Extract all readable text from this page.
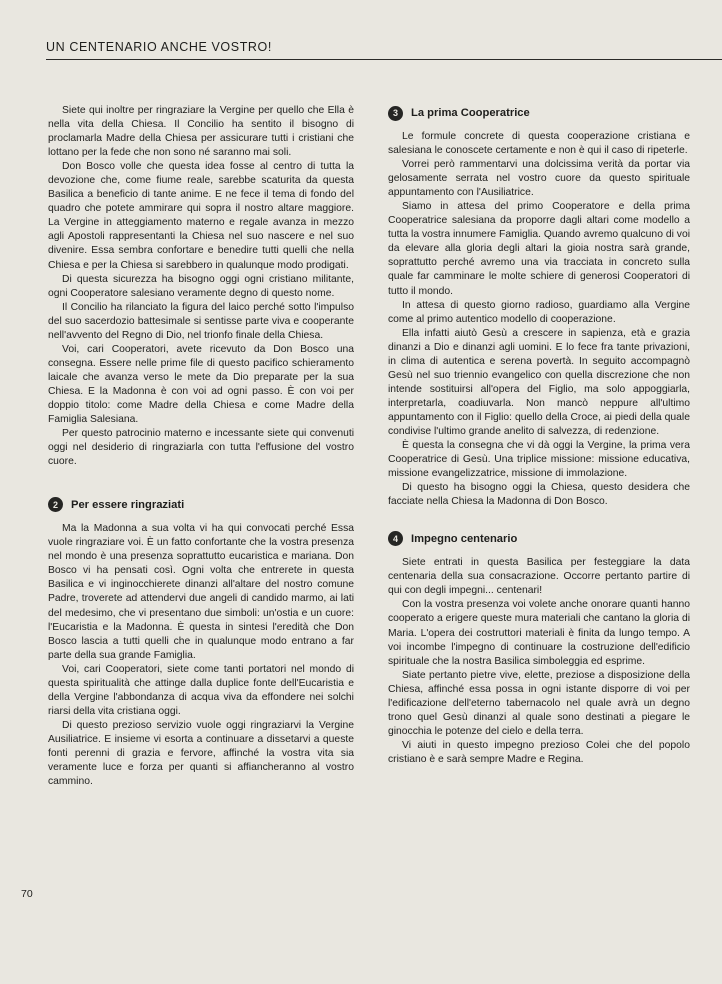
UN CENTENARIO ANCHE VOSTRO!

Siete qui inoltre per ringraziare la Vergine per quello che Ella è nella vita della Chiesa. Il Concilio ha sentito il bisogno di proclamarla Madre della Chiesa per assicurare tutti i cristiani che lottano per la fede che non sono né saranno mai soli.

Don Bosco volle che questa idea fosse al centro di tutta la devozione che, come fiume reale, sarebbe scaturita da questa Basilica a beneficio di tante anime. E ne fece il tema di fondo del quadro che potete ammirare qui sopra il nostro altare maggiore. La Vergine in atteggiamento materno e regale avanza in mezzo agli Apostoli rappresentanti la Chiesa nel suo nascere e nel suo divenire. Essa sembra confortare e benedire tutti quelli che nella Chiesa e per la Chiesa si sarebbero in qualunque modo prodigati.

Di questa sicurezza ha bisogno oggi ogni cristiano militante, ogni Cooperatore salesiano veramente degno di questo nome.

Il Concilio ha rilanciato la figura del laico perché sotto l'impulso del suo sacerdozio battesimale si sentisse parte viva e cooperante nell'avvento del Regno di Dio, nel trionfo finale della Chiesa.

Voi, cari Cooperatori, avete ricevuto da Don Bosco una consegna. Essere nelle prime file di questo pacifico schieramento laicale che avanza verso le mete da Dio preparate per la sua Chiesa. E la Madonna è con voi ad ogni passo. È con voi per doppio titolo: come Madre della Chiesa e come Madre della Famiglia Salesiana.

Per questo patrocinio materno e incessante siete qui convenuti oggi nel desiderio di ringraziarla con tutta l'effusione del vostro cuore.

2	Per essere ringraziati

Ma la Madonna a sua volta vi ha qui convocati perché Essa vuole ringraziare voi. È un fatto confortante che la vostra presenza nel mondo è una presenza soprattutto eucaristica e mariana. Don Bosco vi ha pensati così. Ogni volta che entrerete in questa Basilica e vi inginocchierete dinanzi all'altare del nostro comune Padre, troverete ad attendervi due angeli di candido marmo, ai lati del medesimo, che vi presentano due simboli: un'ostia e un cuore: l'Eucaristia e la Madonna. È questa in sintesi l'eredità che Don Bosco lascia a tutti quelli che in qualunque modo entrano a far parte della sua grande Famiglia.

Voi, cari Cooperatori, siete come tanti portatori nel mondo di questa spiritualità che attinge dalla duplice fonte dell'Eucaristia e della Vergine l'abbondanza di acqua viva da effondere nei solchi riarsi della vita cristiana oggi.

Di questo prezioso servizio vuole oggi ringraziarvi la Vergine Ausiliatrice. E insieme vi esorta a continuare a dissetarvi a queste fonti perenni di grazia e fervore, affinché la vostra vita sia veramente luce e forza per quanti si affiancheranno al vostro cammino.

3	La prima Cooperatrice

Le formule concrete di questa cooperazione cristiana e salesiana le conoscete certamente e non è qui il caso di ripeterle.

Vorrei però rammentarvi una dolcissima verità da portar via gelosamente serrata nel vostro cuore da questo spirituale appuntamento con l'Ausiliatrice.

Siamo in attesa del primo Cooperatore e della prima Cooperatrice salesiana da proporre dagli altari come modello a tutta la vostra innumere Famiglia. Quando avremo qualcuno di voi da elevare alla gloria degli altari la gioia nostra sarà grande, soprattutto perché avremo una via tracciata in concreto sulla quale far camminare le molte schiere di generosi Cooperatori di tutto il mondo.

In attesa di questo giorno radioso, guardiamo alla Vergine come al primo autentico modello di cooperazione.

Ella infatti aiutò Gesù a crescere in sapienza, età e grazia dinanzi a Dio e dinanzi agli uomini. E lo fece fra tante privazioni, in clima di autentica e serena povertà. In seguito accompagnò Gesù nel suo triennio evangelico con quella discrezione che non intende sostituirsi all'opera del Figlio, ma solo appoggiarla, interpretarla, coadiuvarla. Non mancò neppure all'ultimo appuntamento con il Figlio: quello della Croce, ai piedi della quale condivise l'ultimo grande anelito di salvezza, di redenzione.

È questa la consegna che vi dà oggi la Vergine, la prima vera Cooperatrice di Gesù. Una triplice missione: missione educativa, missione evangelizzatrice, missione di immolazione.

Di questo ha bisogno oggi la Chiesa, questo desidera che facciate nella Chiesa la Madonna di Don Bosco.

4	Impegno centenario

Siete entrati in questa Basilica per festeggiare la data centenaria della sua consacrazione. Occorre pertanto partire di qui con degli impegni... centenari!

Con la vostra presenza voi volete anche onorare quanti hanno cooperato a erigere queste mura materiali che cantano la gloria di Maria. L'opera dei costruttori materiali è finita da lungo tempo. A voi incombe l'impegno di continuare la costruzione dell'edificio spirituale che la nostra Basilica simboleggia ed esprime.

Siate pertanto pietre vive, elette, preziose a disposizione della Chiesa, affinché essa possa in ogni istante disporre di voi per l'edificazione dell'eterno tabernacolo nel quale avrà un degno trono quel Gesù dinanzi al quale sono destinati a piegare le ginocchia le potenze del cielo e della terra.

Vi aiuti in questo impegno prezioso Colei che del popolo cristiano è e sarà sempre Madre e Regina.

70
